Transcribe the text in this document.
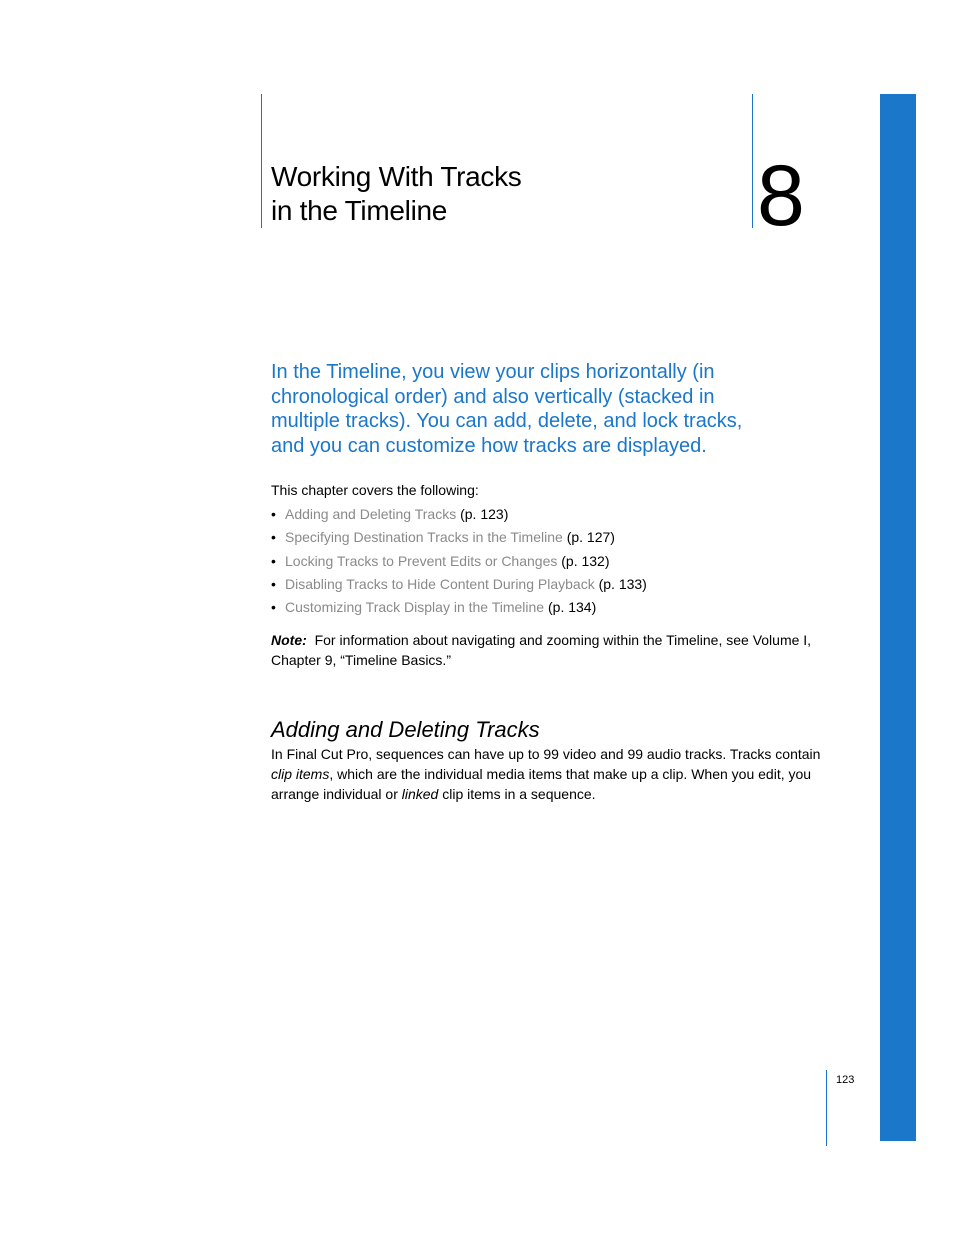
Working With Tracks
in the Timeline	8

In the Timeline, you view your clips horizontally (in chronological order) and also vertically (stacked in multiple tracks). You can add, delete, and lock tracks, and you can customize how tracks are displayed.

This chapter covers the following:

• Adding and Deleting Tracks (p. 123)
• Specifying Destination Tracks in the Timeline (p. 127)
• Locking Tracks to Prevent Edits or Changes (p. 132)
• Disabling Tracks to Hide Content During Playback (p. 133)
• Customizing Track Display in the Timeline (p. 134)

Note: For information about navigating and zooming within the Timeline, see Volume I, Chapter 9, “Timeline Basics.”

Adding and Deleting Tracks

In Final Cut Pro, sequences can have up to 99 video and 99 audio tracks. Tracks contain clip items, which are the individual media items that make up a clip. When you edit, you arrange individual or linked clip items in a sequence.

123
